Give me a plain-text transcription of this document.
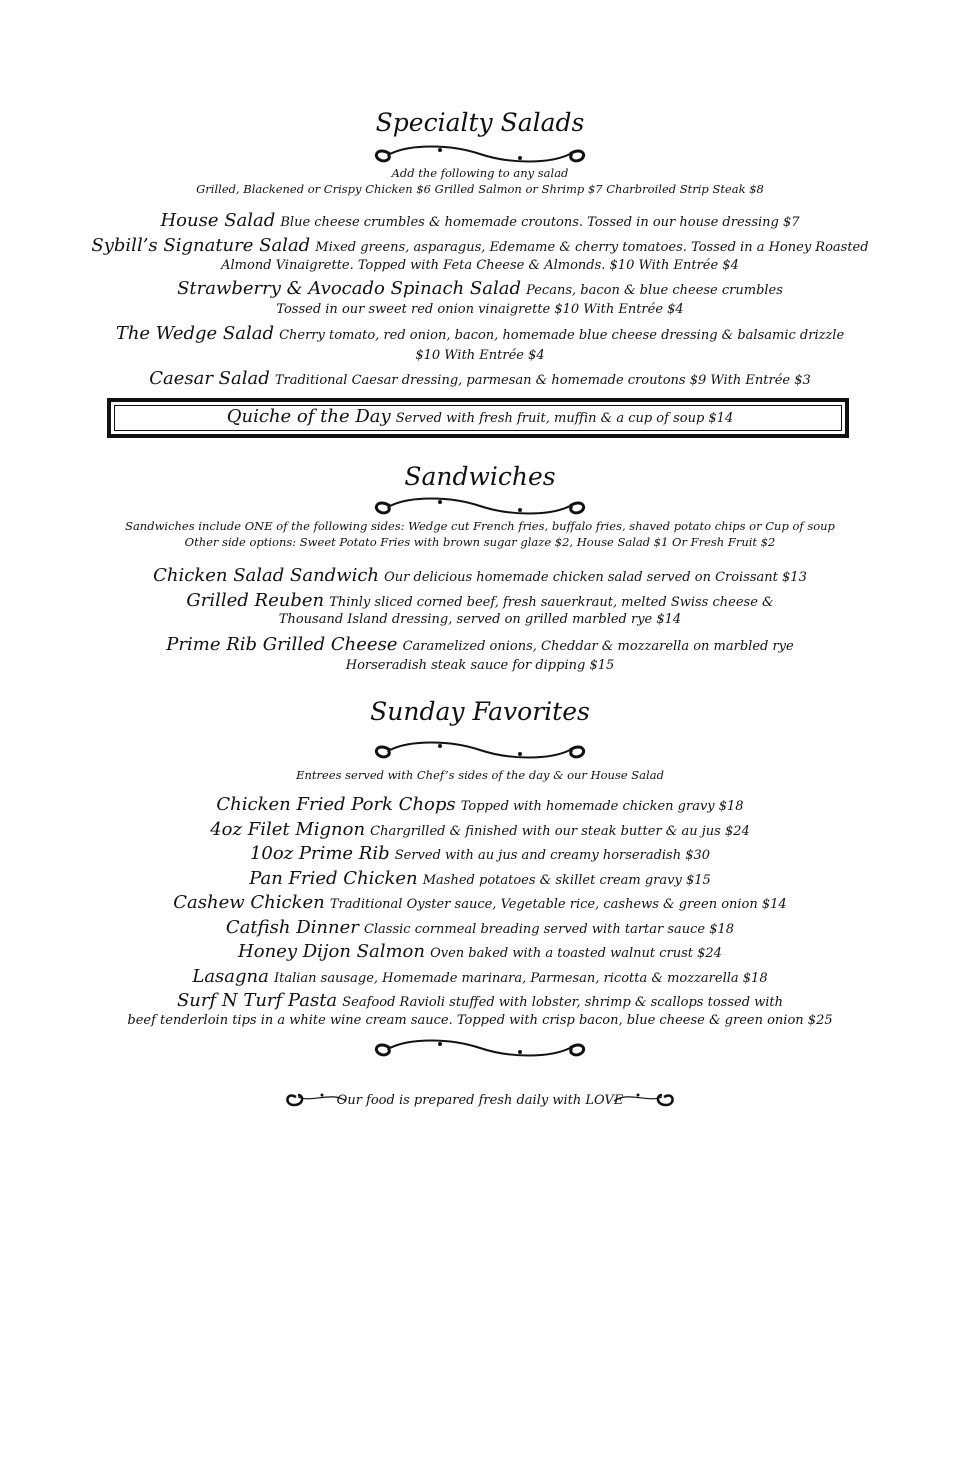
Specialty Salads
Add the following to any salad
Grilled, Blackened or Crispy Chicken $6 Grilled Salmon or Shrimp $7 Charbroiled Strip Steak $8
House Salad Blue cheese crumbles & homemade croutons. Tossed in our house dressing $7
Sybill’s Signature Salad Mixed greens, asparagus, Edemame & cherry tomatoes. Tossed in a Honey Roasted
Almond Vinaigrette. Topped with Feta Cheese & Almonds. $10 With Entrée $4
Strawberry & Avocado Spinach Salad Pecans, bacon & blue cheese crumbles
Tossed in our sweet red onion vinaigrette $10 With Entrée $4
The Wedge Salad Cherry tomato, red onion, bacon, homemade blue cheese dressing & balsamic drizzle
$10 With Entrée $4
Caesar Salad Traditional Caesar dressing, parmesan & homemade croutons $9 With Entrée $3
Quiche of the Day Served with fresh fruit, muffin & a cup of soup $14
Sandwiches
Sandwiches include ONE of the following sides: Wedge cut French fries, buffalo fries, shaved potato chips or Cup of soup
Other side options: Sweet Potato Fries with brown sugar glaze $2, House Salad $1 Or Fresh Fruit $2
Chicken Salad Sandwich Our delicious homemade chicken salad served on Croissant $13
Grilled Reuben Thinly sliced corned beef, fresh sauerkraut, melted Swiss cheese &
Thousand Island dressing, served on grilled marbled rye $14
Prime Rib Grilled Cheese Caramelized onions, Cheddar & mozzarella on marbled rye
Horseradish steak sauce for dipping $15
Sunday Favorites
Entrees served with Chef’s sides of the day & our House Salad
Chicken Fried Pork Chops Topped with homemade chicken gravy $18
4oz Filet Mignon Chargrilled & finished with our steak butter & au jus $24
10oz Prime Rib Served with au jus and creamy horseradish $30
Pan Fried Chicken Mashed potatoes & skillet cream gravy $15
Cashew Chicken Traditional Oyster sauce, Vegetable rice, cashews & green onion $14
Catfish Dinner Classic cornmeal breading served with tartar sauce $18
Honey Dijon Salmon Oven baked with a toasted walnut crust $24
Lasagna Italian sausage, Homemade marinara, Parmesan, ricotta & mozzarella $18
Surf N Turf Pasta Seafood Ravioli stuffed with lobster, shrimp & scallops tossed with
beef tenderloin tips in a white wine cream sauce. Topped with crisp bacon, blue cheese & green onion $25
Our food is prepared fresh daily with LOVE
